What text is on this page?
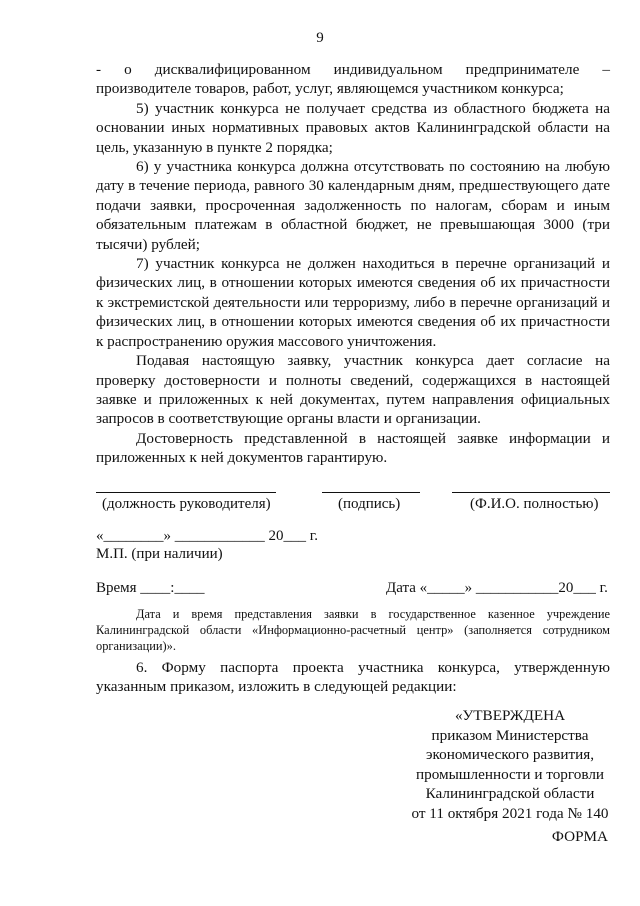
9

- о дисквалифицированном индивидуальном предпринимателе – производителе товаров, работ, услуг, являющемся участником конкурса;

5) участник конкурса не получает средства из областного бюджета на основании иных нормативных правовых актов Калининградской области на цель, указанную в пункте 2 порядка;

6) у участника конкурса должна отсутствовать по состоянию на любую дату в течение периода, равного 30 календарным дням, предшествующего дате подачи заявки, просроченная задолженность по налогам, сборам и иным обязательным платежам в областной бюджет, не превышающая 3000 (три тысячи) рублей;

7) участник конкурса не должен находиться в перечне организаций и физических лиц, в отношении которых имеются сведения об их причастности к экстремистской деятельности или терроризму, либо в перечне организаций и физических лиц, в отношении которых имеются сведения об их причастности к распространению оружия массового уничтожения.

Подавая настоящую заявку, участник конкурса дает согласие на проверку достоверности и полноты сведений, содержащихся в настоящей заявке и приложенных к ней документах, путем направления официальных запросов в соответствующие органы власти и организации.

Достоверность представленной в настоящей заявке информации и приложенных к ней документов гарантирую.

(должность руководителя)	(подпись)	(Ф.И.О. полностью)
«________» ____________ 20___ г.
М.П. (при наличии)
Время ____:____	Дата «_____» ___________20___ г.
Дата и время представления заявки в государственное казенное учреждение Калининградской области «Информационно-расчетный центр» (заполняется сотрудником организации)».
6. Форму паспорта проекта участника конкурса, утвержденную указанным приказом, изложить в следующей редакции:
«УТВЕРЖДЕНА
приказом Министерства
экономического развития,
промышленности и торговли
Калининградской области
от 11 октября 2021 года № 140
ФОРМА
